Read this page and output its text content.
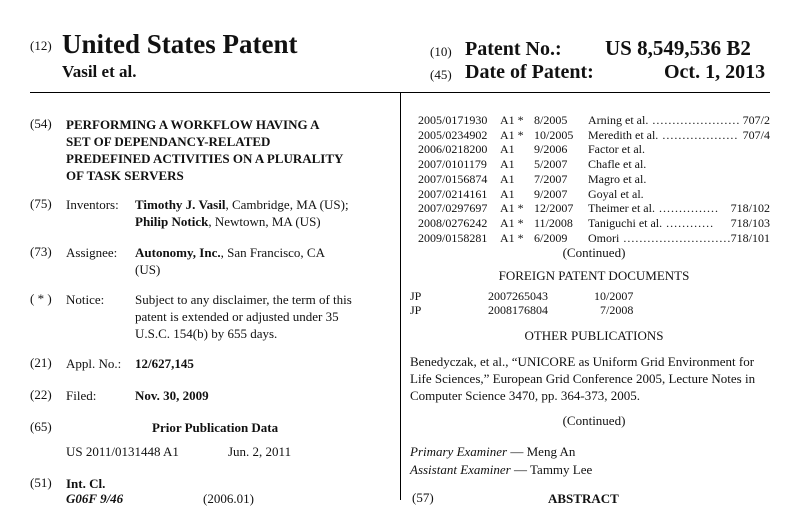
(12) United States Patent
Vasil et al.
(10) Patent No.: US 8,549,536 B2
(45) Date of Patent:	Oct. 1, 2013
(54) PERFORMING A WORKFLOW HAVING A
SET OF DEPENDANCY-RELATED
PREDEFINED ACTIVITIES ON A PLURALITY
OF TASK SERVERS
(75) Inventors: Timothy J. Vasil, Cambridge, MA (US);
Philip Notick, Newtown, MA (US)
(73) Assignee: Autonomy, Inc., San Francisco, CA
(US)
( * ) Notice: Subject to any disclaimer, the term of this
patent is extended or adjusted under 35
U.S.C. 154(b) by 655 days.
(21) Appl. No.: 12/627,145
(22) Filed:	Nov. 30, 2009
(65)	Prior Publication Data
US 2011/0131448 A1	Jun. 2, 2011
(51) Int. Cl.
G06F 9/46	(2006.01)
2005/0171930 A1 * 8/2005 Arning et al. ...................... 707/2
2005/0234902 A1 * 10/2005 Meredith et al. ................... 707/4
2006/0218200 A1 9/2006 Factor et al.
2007/0101179 A1 5/2007 Chafle et al.
2007/0156874 A1 7/2007 Magro et al.
2007/0214161 A1 9/2007 Goyal et al.
2007/0297697 A1 * 12/2007 Theimer et al. ............... 718/102
2008/0276242 A1 * 11/2008 Taniguchi et al. ............ 718/103
2009/0158281 A1 * 6/2009 Omori ........................... 718/101
(Continued)
FOREIGN PATENT DOCUMENTS
JP	2007265043	10/2007
JP	2008176804	7/2008
OTHER PUBLICATIONS
Benedyczak, et al., “UNICORE as Uniform Grid Environment for
Life Sciences,” European Grid Conference 2005, Lecture Notes in
Computer Science 3470, pp. 364-373, 2005.
(Continued)
Primary Examiner — Meng An
Assistant Examiner — Tammy Lee
(57)	ABSTRACT
